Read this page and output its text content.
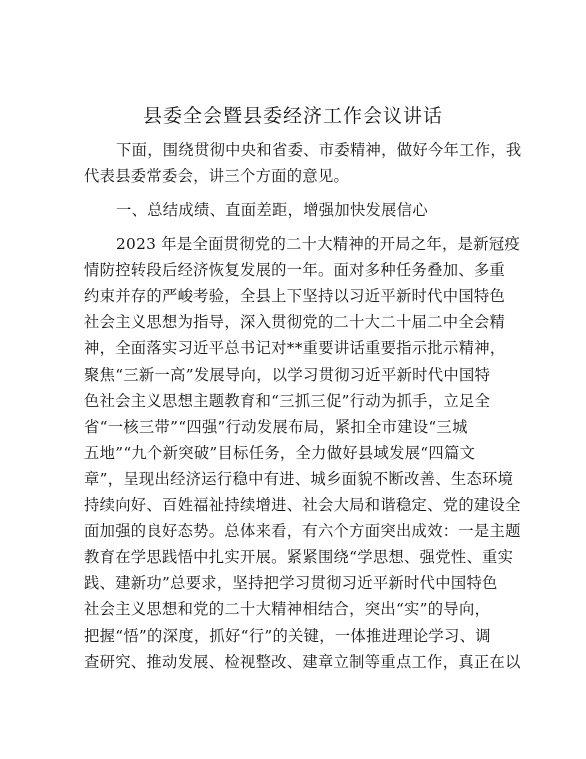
县委全会暨县委经济工作会议讲话
下面，围绕贯彻中央和省委、市委精神，做好今年工作，我
代表县委常委会，讲三个方面的意见。
一、总结成绩、直面差距，增强加快发展信心
2023 年是全面贯彻党的二十大精神的开局之年，是新冠疫
情防控转段后经济恢复发展的一年。面对多种任务叠加、多重
约束并存的严峻考验，全县上下坚持以习近平新时代中国特色
社会主义思想为指导，深入贯彻党的二十大二十届二中全会精
神，全面落实习近平总书记对**重要讲话重要指示批示精神，
聚焦“三新一高”发展导向，以学习贯彻习近平新时代中国特
色社会主义思想主题教育和“三抓三促”行动为抓手，立足全
省“一核三带”“四强”行动发展布局，紧扣全市建设“三城
五地”“九个新突破”目标任务，全力做好县域发展“四篇文
章”，呈现出经济运行稳中有进、城乡面貌不断改善、生态环境
持续向好、百姓福祉持续增进、社会大局和谐稳定、党的建设全
面加强的良好态势。总体来看，有六个方面突出成效：一是主题
教育在学思践悟中扎实开展。紧紧围绕“学思想、强党性、重实
践、建新功”总要求，坚持把学习贯彻习近平新时代中国特色
社会主义思想和党的二十大精神相结合，突出“实”的导向，
把握“悟”的深度，抓好“行”的关键，一体推进理论学习、调
查研究、推动发展、检视整改、建章立制等重点工作，真正在以
